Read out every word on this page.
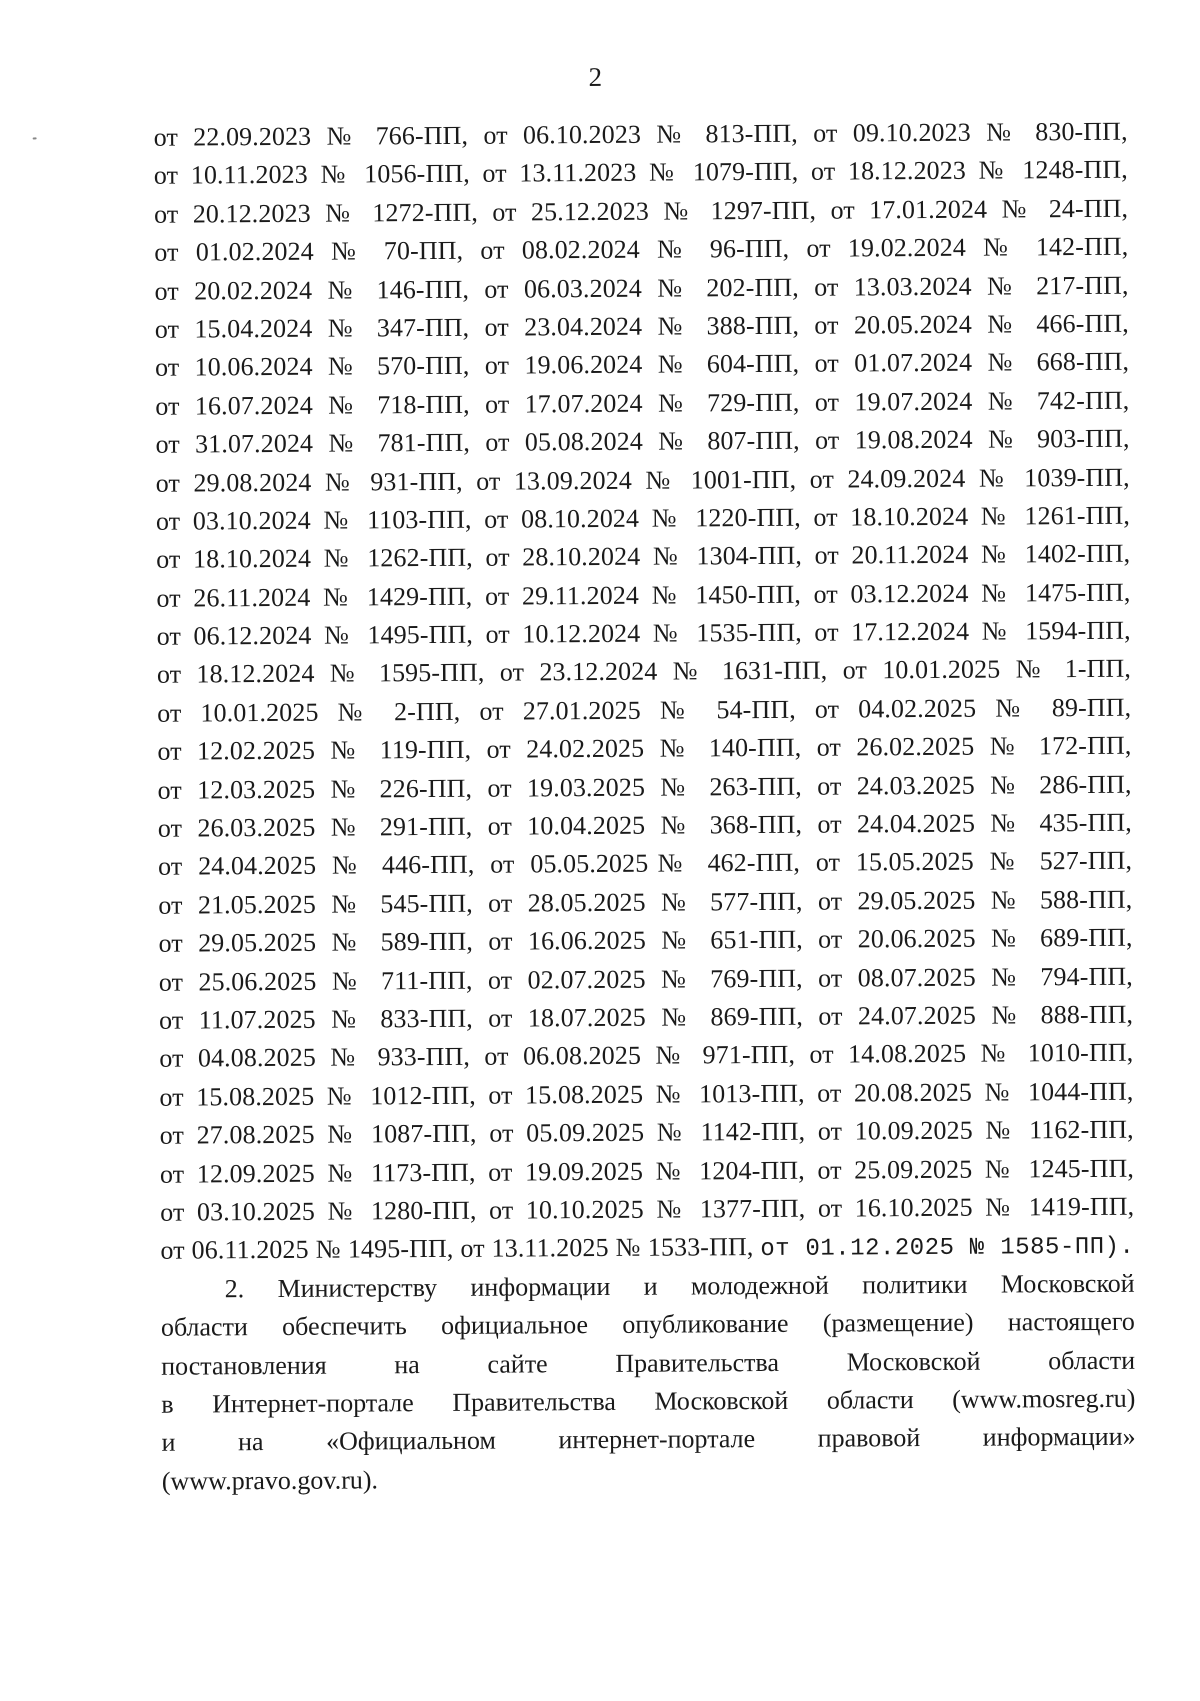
2
от 22.09.2023 № 766-ПП, от 06.10.2023 № 813-ПП, от 09.10.2023 № 830-ПП,
от 10.11.2023 № 1056-ПП, от 13.11.2023 № 1079-ПП, от 18.12.2023 № 1248-ПП,
от 20.12.2023 № 1272-ПП, от 25.12.2023 № 1297-ПП, от 17.01.2024 № 24-ПП,
от 01.02.2024 № 70-ПП, от 08.02.2024 № 96-ПП, от 19.02.2024 № 142-ПП,
от 20.02.2024 № 146-ПП, от 06.03.2024 № 202-ПП, от 13.03.2024 № 217-ПП,
от 15.04.2024 № 347-ПП, от 23.04.2024 № 388-ПП, от 20.05.2024 № 466-ПП,
от 10.06.2024 № 570-ПП, от 19.06.2024 № 604-ПП, от 01.07.2024 № 668-ПП,
от 16.07.2024 № 718-ПП, от 17.07.2024 № 729-ПП, от 19.07.2024 № 742-ПП,
от 31.07.2024 № 781-ПП, от 05.08.2024 № 807-ПП, от 19.08.2024 № 903-ПП,
от 29.08.2024 № 931-ПП, от 13.09.2024 № 1001-ПП, от 24.09.2024 № 1039-ПП,
от 03.10.2024 № 1103-ПП, от 08.10.2024 № 1220-ПП, от 18.10.2024 № 1261-ПП,
от 18.10.2024 № 1262-ПП, от 28.10.2024 № 1304-ПП, от 20.11.2024 № 1402-ПП,
от 26.11.2024 № 1429-ПП, от 29.11.2024 № 1450-ПП, от 03.12.2024 № 1475-ПП,
от 06.12.2024 № 1495-ПП, от 10.12.2024 № 1535-ПП, от 17.12.2024 № 1594-ПП,
от 18.12.2024 № 1595-ПП, от 23.12.2024 № 1631-ПП, от 10.01.2025 № 1-ПП,
от 10.01.2025 № 2-ПП, от 27.01.2025 № 54-ПП, от 04.02.2025 № 89-ПП,
от 12.02.2025 № 119-ПП, от 24.02.2025 № 140-ПП, от 26.02.2025 № 172-ПП,
от 12.03.2025 № 226-ПП, от 19.03.2025 № 263-ПП, от 24.03.2025 № 286-ПП,
от 26.03.2025 № 291-ПП, от 10.04.2025 № 368-ПП, от 24.04.2025 № 435-ПП,
от 24.04.2025 № 446-ПП, от 05.05.2025№ 462-ПП, от 15.05.2025 № 527-ПП,
от 21.05.2025 № 545-ПП, от 28.05.2025 № 577-ПП, от 29.05.2025 № 588-ПП,
от 29.05.2025 № 589-ПП, от 16.06.2025 № 651-ПП, от 20.06.2025 № 689-ПП,
от 25.06.2025 № 711-ПП, от 02.07.2025 № 769-ПП, от 08.07.2025 № 794-ПП,
от 11.07.2025 № 833-ПП, от 18.07.2025 № 869-ПП, от 24.07.2025 № 888-ПП,
от 04.08.2025 № 933-ПП, от 06.08.2025 № 971-ПП, от 14.08.2025 № 1010-ПП,
от 15.08.2025 № 1012-ПП, от 15.08.2025 № 1013-ПП, от 20.08.2025 № 1044-ПП,
от 27.08.2025 № 1087-ПП, от 05.09.2025 № 1142-ПП, от 10.09.2025 № 1162-ПП,
от 12.09.2025 № 1173-ПП, от 19.09.2025 № 1204-ПП, от 25.09.2025 № 1245-ПП,
от 03.10.2025 № 1280-ПП, от 10.10.2025 № 1377-ПП, от 16.10.2025 № 1419-ПП,
от 06.11.2025 № 1495-ПП, от 13.11.2025 № 1533-ПП, от 01.12.2025 № 1585-ПП).
2. Министерству информации и молодежной политики Московской
области обеспечить официальное опубликование (размещение) настоящего
постановления на сайте Правительства Московской области
в Интернет-портале Правительства Московской области (www.mosreg.ru)
и на «Официальном интернет-портале правовой информации»
(www.pravo.gov.ru).
